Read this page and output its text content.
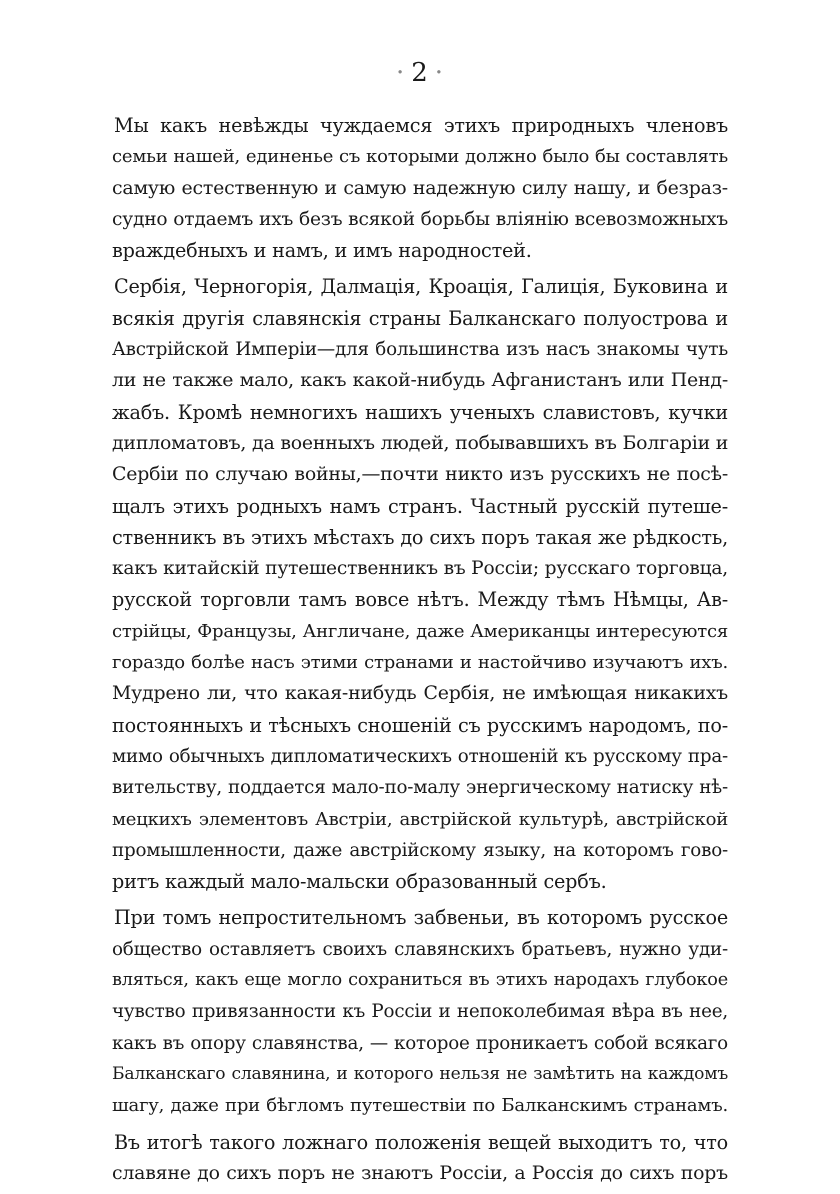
· 2 ·

Мы какъ невѣжды чуждаемся этихъ природныхъ членовъ
семьи нашей, единенье съ которыми должно было бы составлять
самую естественную и самую надежную силу нашу, и безраз-
судно отдаемъ ихъ безъ всякой борьбы вліянію всевозможныхъ
враждебныхъ и намъ, и имъ народностей.

Сербія, Черногорія, Далмація, Кроація, Галиція, Буковина и
всякія другія славянскія страны Балканскаго полуострова и
Австрійской Имперіи—для большинства изъ насъ знакомы чуть
ли не также мало, какъ какой-нибудь Афганистанъ или Пенд-
жабъ. Кромѣ немногихъ нашихъ ученыхъ славистовъ, кучки
дипломатовъ, да военныхъ людей, побывавшихъ въ Болгаріи и
Сербіи по случаю войны,—почти никто изъ русскихъ не посѣ-
щалъ этихъ родныхъ намъ странъ. Частный русскій путеше-
ственникъ въ этихъ мѣстахъ до сихъ поръ такая же рѣдкость,
какъ китайскій путешественникъ въ Россіи; русскаго торговца,
русской торговли тамъ вовсе нѣтъ. Между тѣмъ Нѣмцы, Ав-
стрійцы, Французы, Англичане, даже Американцы интересуются
гораздо болѣе насъ этими странами и настойчиво изучаютъ ихъ.
Мудрено ли, что какая-нибудь Сербія, не имѣющая никакихъ
постоянныхъ и тѣсныхъ сношеній съ русскимъ народомъ, по-
мимо обычныхъ дипломатическихъ отношеній къ русскому пра-
вительству, поддается мало-по-малу энергическому натиску нѣ-
мецкихъ элементовъ Австріи, австрійской культурѣ, австрійской
промышленности, даже австрійскому языку, на которомъ гово-
ритъ каждый мало-мальски образованный сербъ.

При томъ непростительномъ забвеньи, въ которомъ русское
общество оставляетъ своихъ славянскихъ братьевъ, нужно уди-
вляться, какъ еще могло сохраниться въ этихъ народахъ глубокое
чувство привязанности къ Россіи и непоколебимая вѣра въ нее,
какъ въ опору славянства, — которое проникаетъ собой всякаго
Балканскаго славянина, и которого нельзя не замѣтить на каждомъ
шагу, даже при бѣгломъ путешествіи по Балканскимъ странамъ.

Въ итогѣ такого ложнаго положенія вещей выходитъ то, что
славяне до сихъ поръ не знаютъ Россіи, а Россія до сихъ поръ
